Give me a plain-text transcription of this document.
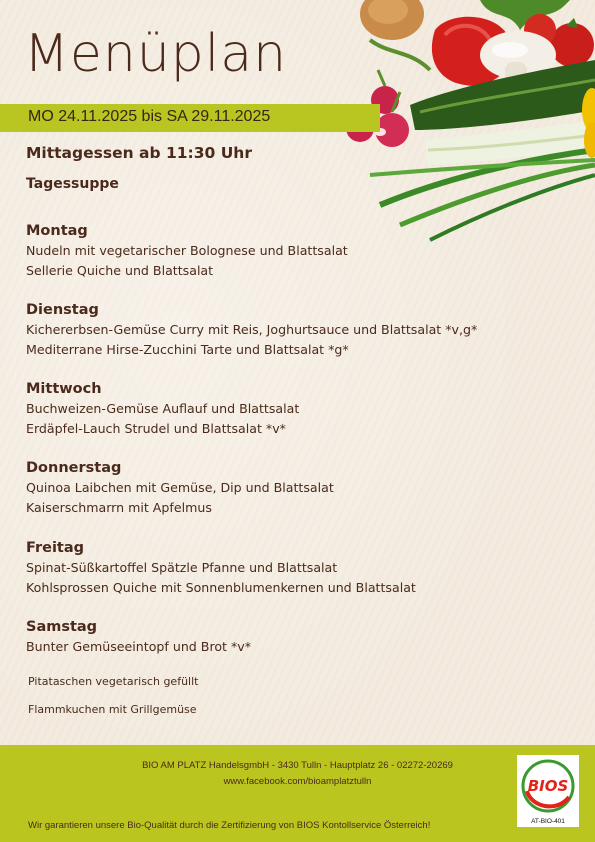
Menüplan
MO 24.11.2025 bis SA 29.11.2025
Mittagessen ab 11:30 Uhr
Tagessuppe
Montag
Nudeln mit vegetarischer Bolognese und Blattsalat
Sellerie Quiche und Blattsalat
Dienstag
Kichererbsen-Gemüse Curry mit Reis, Joghurtsauce und Blattsalat *v,g*
Mediterrane Hirse-Zucchini Tarte und Blattsalat *g*
Mittwoch
Buchweizen-Gemüse Auflauf und Blattsalat
Erdäpfel-Lauch Strudel und Blattsalat *v*
Donnerstag
Quinoa Laibchen mit Gemüse, Dip und Blattsalat
Kaiserschmarrn mit Apfelmus
Freitag
Spinat-Süßkartoffel Spätzle Pfanne und Blattsalat
Kohlsprossen Quiche mit Sonnenblumenkernen und Blattsalat
Samstag
Bunter Gemüseeintopf und Brot *v*
Pitataschen vegetarisch gefüllt
Flammkuchen mit Grillgemüse
BIO AM PLATZ HandelsgmbH - 3430 Tulln - Hauptplatz 26 - 02272-20269
www.facebook.com/bioamplatztulln
Wir garantieren unsere Bio-Qualität durch die Zertifizierung von BIOS Kontollservice Österreich!
BIOS
AT-BIO-401
